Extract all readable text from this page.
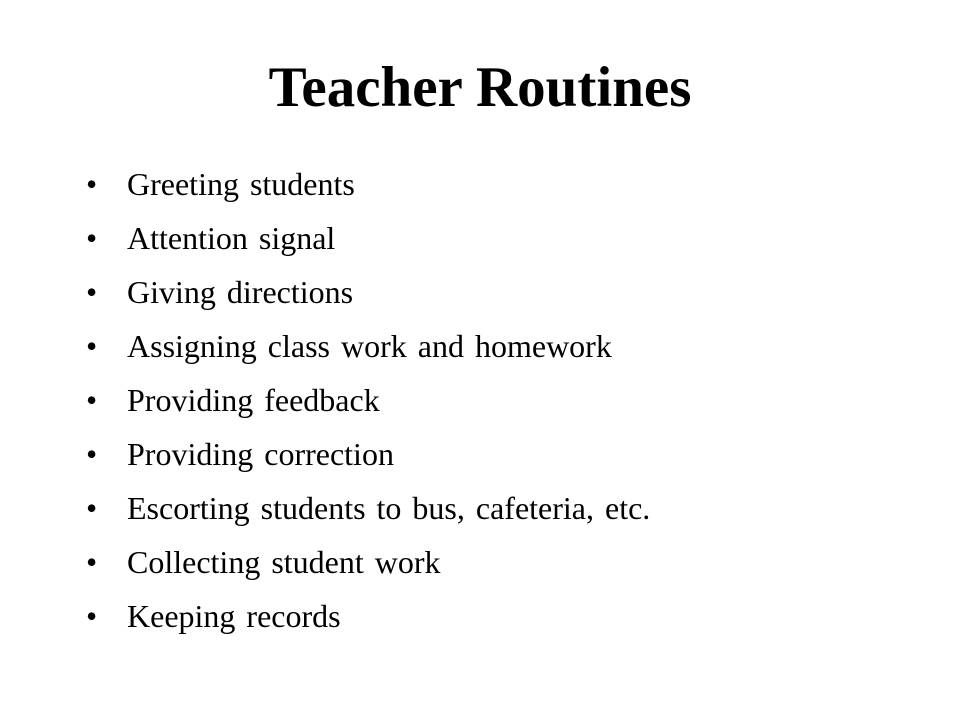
Teacher Routines
• Greeting students
• Attention signal
• Giving directions
• Assigning class work and homework
• Providing feedback
• Providing correction
• Escorting students to bus, cafeteria, etc.
• Collecting student work
• Keeping records
